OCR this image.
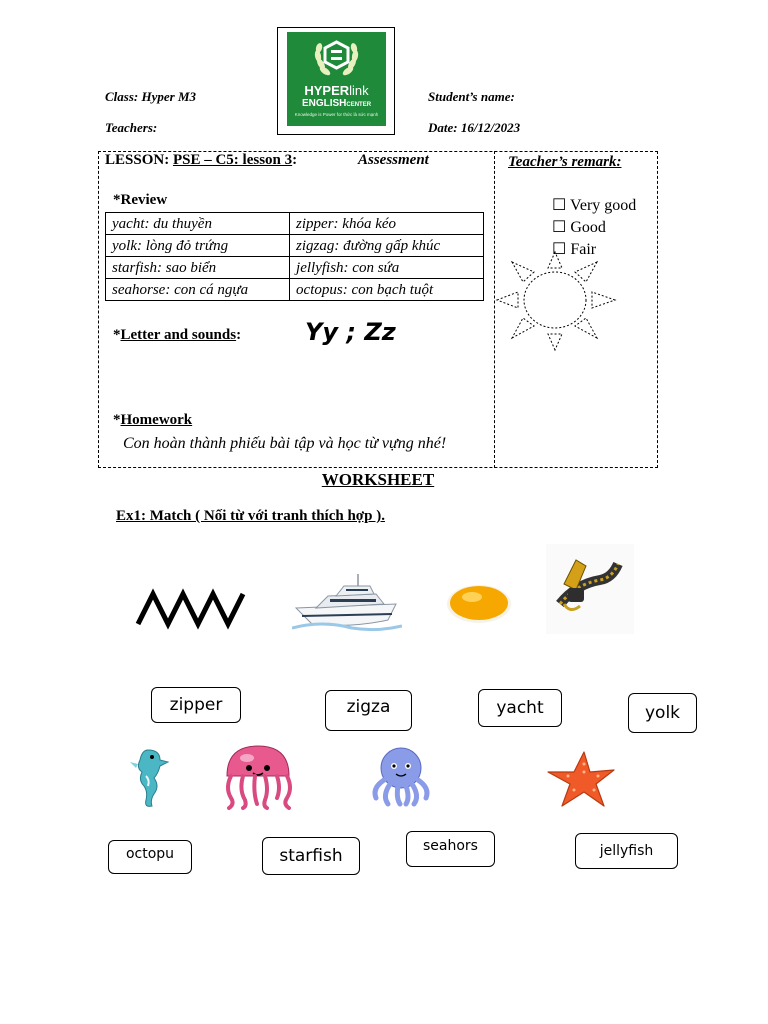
Class: Hyper M3
Teachers:
Student’s name:
Date: 16/12/2023
HYPERlink
ENGLISHCENTER
Knowledge is Power for thức là sức mạnh
LESSON: PSE – C5: lesson 3:	Assessment
*Review
yacht: du thuyền	zipper: khóa kéo
yolk: lòng đỏ trứng	zigzag: đường gấp khúc
starfish: sao biển	jellyfish: con sứa
seahorse: con cá ngựa	octopus: con bạch tuột
Teacher’s remark:
☐ Very good
☐ Good
☐ Fair
*Letter and sounds:	Yy ; Zz
*Homework
Con hoàn thành phiếu bài tập và học từ vựng nhé!
WORKSHEET
Ex1: Match ( Nối từ với tranh thích hợp ).
zipper	zigza	yacht	yolk
octopu	starfish	seahors	jellyfish
